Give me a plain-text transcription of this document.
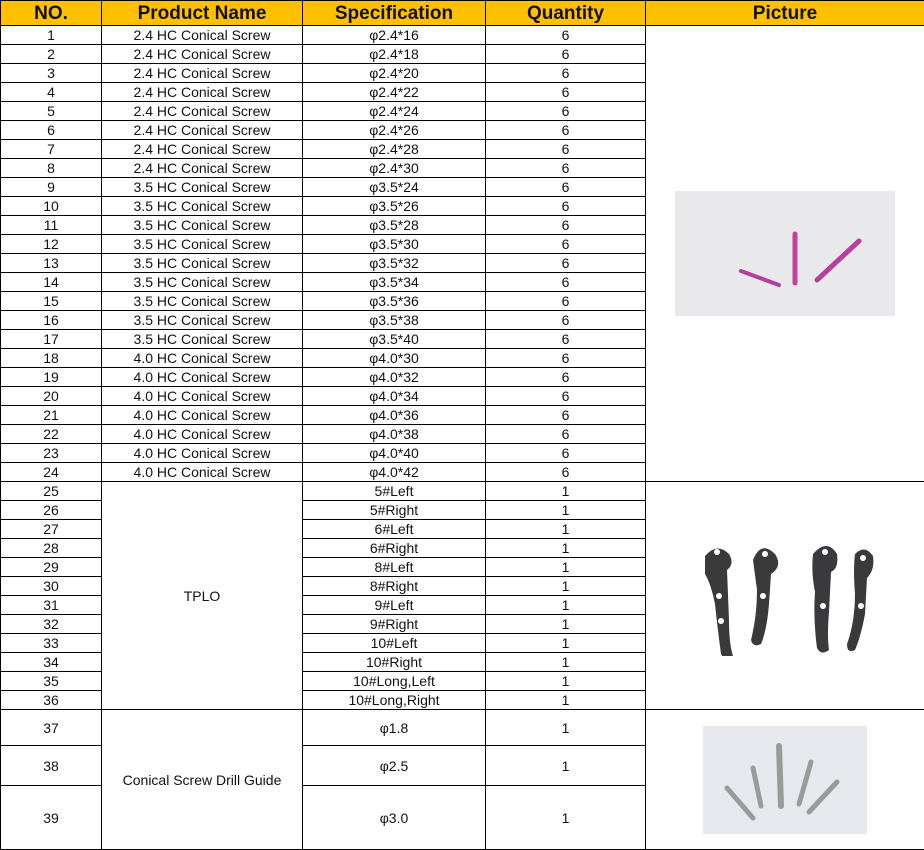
NO.	Product Name	Specification	Quantity	Picture
1	2.4 HC Conical Screw	φ2.4*16	6	

2	2.4 HC Conical Screw	φ2.4*18	6	
3	2.4 HC Conical Screw	φ2.4*20	6	
4	2.4 HC Conical Screw	φ2.4*22	6	
5	2.4 HC Conical Screw	φ2.4*24	6	
6	2.4 HC Conical Screw	φ2.4*26	6	
7	2.4 HC Conical Screw	φ2.4*28	6	
8	2.4 HC Conical Screw	φ2.4*30	6	
9	3.5 HC Conical Screw	φ3.5*24	6	
10	3.5 HC Conical Screw	φ3.5*26	6	
11	3.5 HC Conical Screw	φ3.5*28	6	
12	3.5 HC Conical Screw	φ3.5*30	6	
13	3.5 HC Conical Screw	φ3.5*32	6	
14	3.5 HC Conical Screw	φ3.5*34	6	
15	3.5 HC Conical Screw	φ3.5*36	6	
16	3.5 HC Conical Screw	φ3.5*38	6	
17	3.5 HC Conical Screw	φ3.5*40	6	
18	4.0 HC Conical Screw	φ4.0*30	6	
19	4.0 HC Conical Screw	φ4.0*32	6	
20	4.0 HC Conical Screw	φ4.0*34	6	
21	4.0 HC Conical Screw	φ4.0*36	6	
22	4.0 HC Conical Screw	φ4.0*38	6	
23	4.0 HC Conical Screw	φ4.0*40	6	
24	4.0 HC Conical Screw	φ4.0*42	6	
25	TPLO	5#Left	1	

26		5#Right	1	
27		6#Left	1	
28		6#Right	1	
29		8#Left	1	
30		8#Right	1	
31		9#Left	1	
32		9#Right	1	
33		10#Left	1	
34		10#Right	1	
35		10#Long,Left	1	
36		10#Long,Right	1	
37	Conical Screw Drill Guide	φ1.8	1	

38		φ2.5	1	
39		φ3.0	1	
